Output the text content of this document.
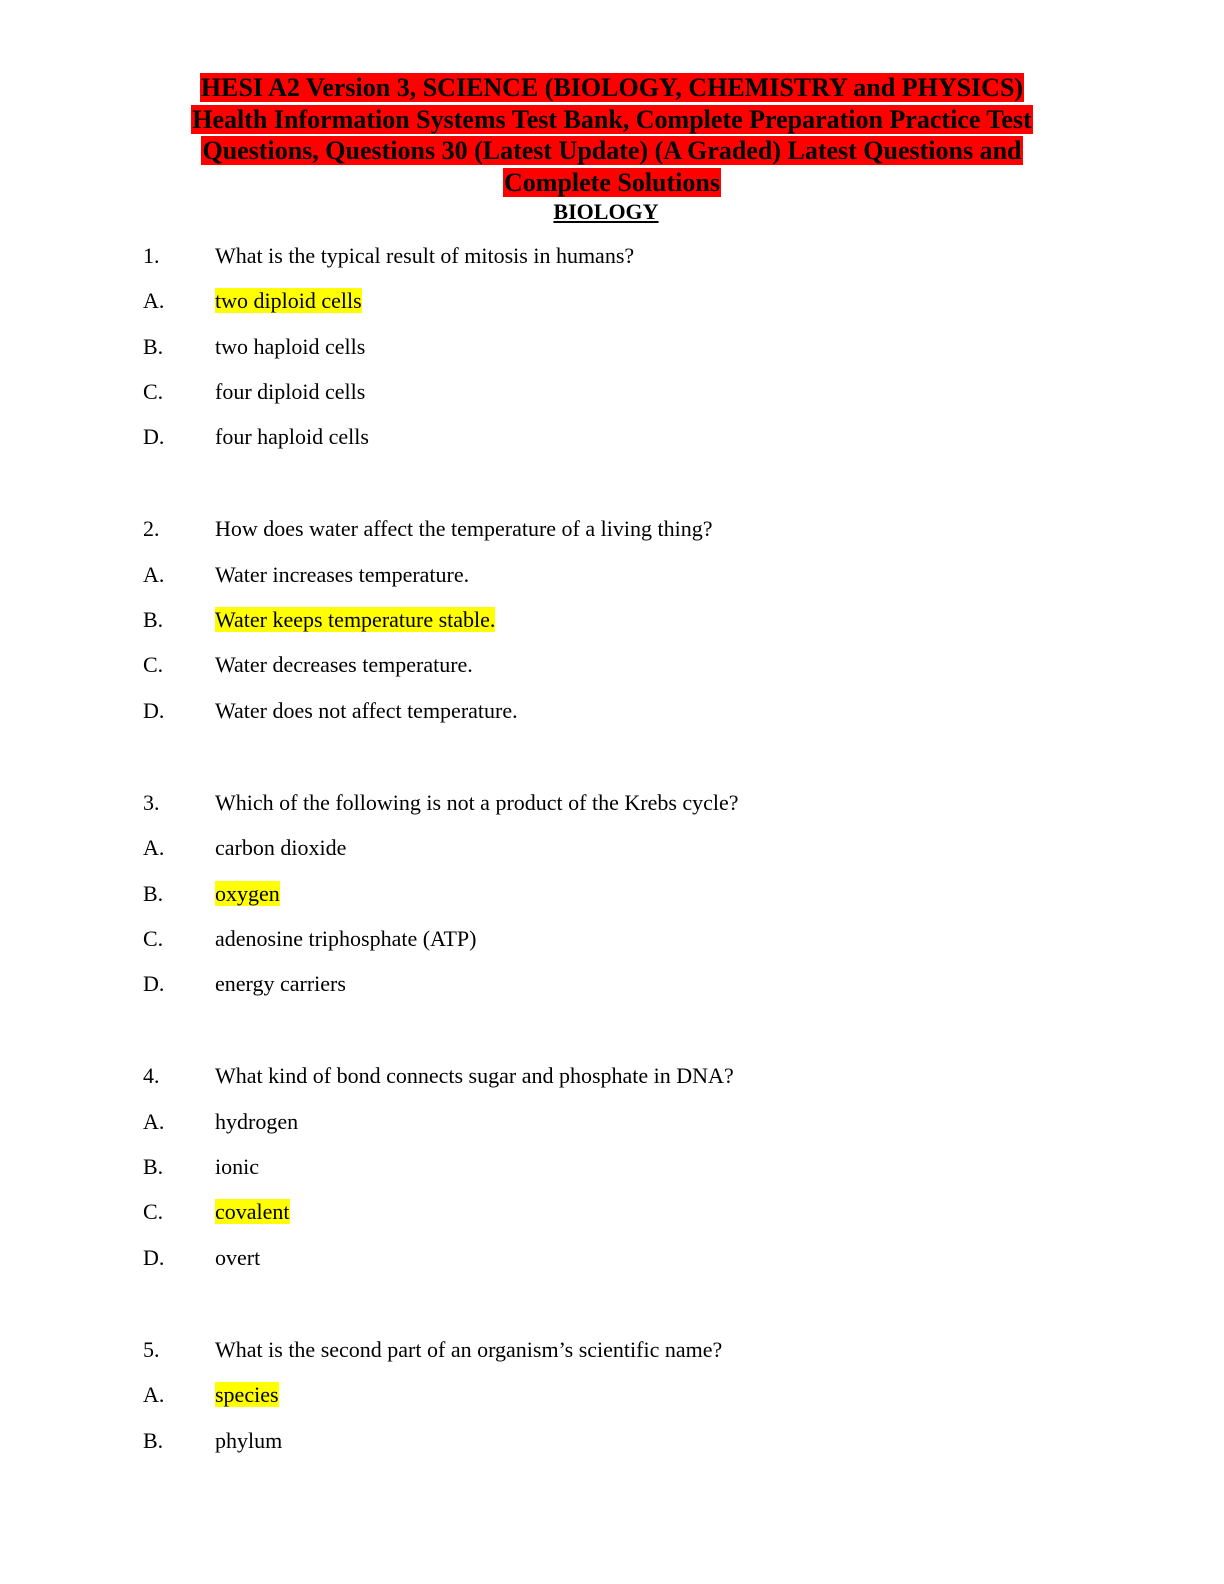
HESI A2 Version 3, SCIENCE (BIOLOGY, CHEMISTRY and PHYSICS)
Health Information Systems Test Bank, Complete Preparation Practice Test
Questions, Questions 30 (Latest Update) (A Graded) Latest Questions and
Complete Solutions
BIOLOGY
1.	What is the typical result of mitosis in humans?
A.	two diploid cells
B.	two haploid cells
C.	four diploid cells
D.	four haploid cells
2.	How does water affect the temperature of a living thing?
A.	Water increases temperature.
B.	Water keeps temperature stable.
C.	Water decreases temperature.
D.	Water does not affect temperature.
3.	Which of the following is not a product of the Krebs cycle?
A.	carbon dioxide
B.	oxygen
C.	adenosine triphosphate (ATP)
D.	energy carriers
4.	What kind of bond connects sugar and phosphate in DNA?
A.	hydrogen
B.	ionic
C.	covalent
D.	overt
5.	What is the second part of an organism’s scientific name?
A.	species
B.	phylum
